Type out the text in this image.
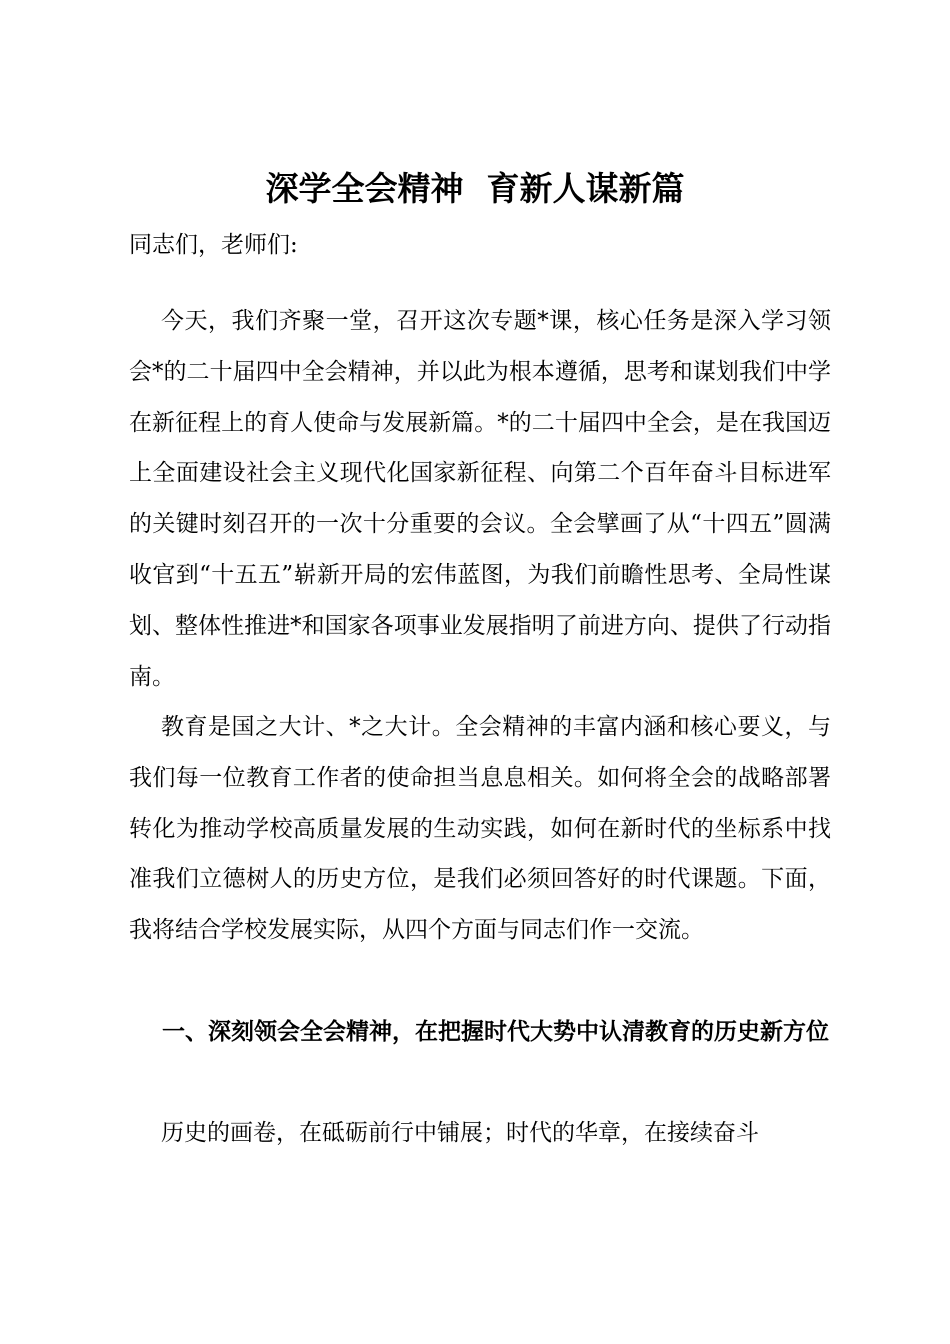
深学全会精神  育新人谋新篇

同志们，老师们:

今天，我们齐聚一堂，召开这次专题*课，核心任务是深入学习领会*的二十届四中全会精神，并以此为根本遵循，思考和谋划我们中学在新征程上的育人使命与发展新篇。*的二十届四中全会，是在我国迈上全面建设社会主义现代化国家新征程、向第二个百年奋斗目标进军的关键时刻召开的一次十分重要的会议。全会擘画了从“十四五”圆满收官到“十五五”崭新开局的宏伟蓝图，为我们前瞻性思考、全局性谋划、整体性推进*和国家各项事业发展指明了前进方向、提供了行动指南。

教育是国之大计、*之大计。全会精神的丰富内涵和核心要义，与我们每一位教育工作者的使命担当息息相关。如何将全会的战略部署转化为推动学校高质量发展的生动实践，如何在新时代的坐标系中找准我们立德树人的历史方位，是我们必须回答好的时代课题。下面，我将结合学校发展实际，从四个方面与同志们作一交流。

一、深刻领会全会精神，在把握时代大势中认清教育的历史新方位

历史的画卷，在砥砺前行中铺展；时代的华章，在接续奋斗
